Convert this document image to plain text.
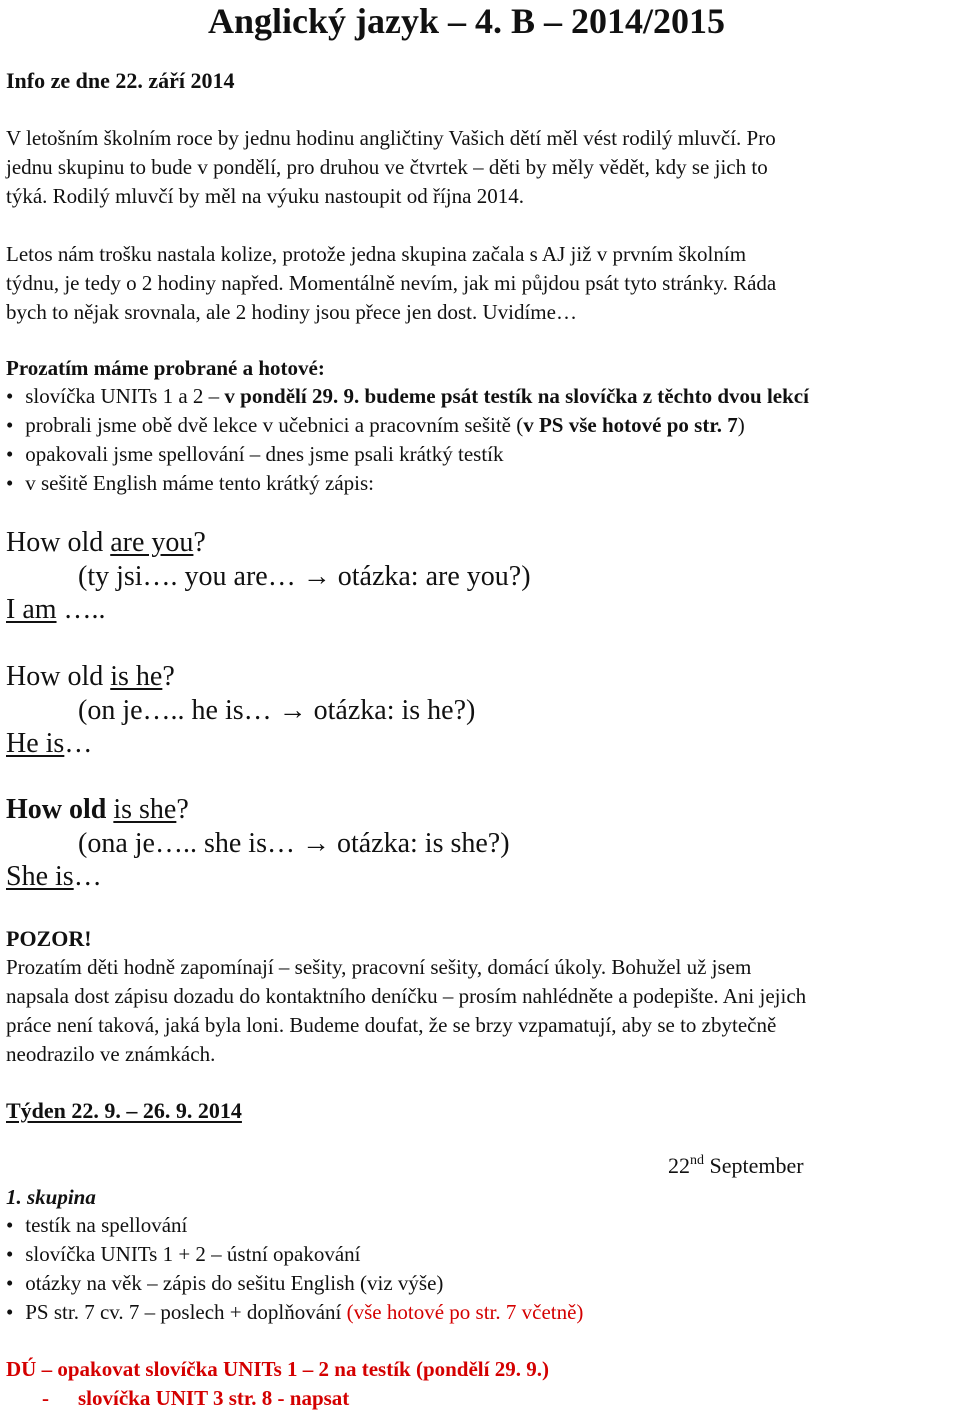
Anglický jazyk – 4. B – 2014/2015
Info ze dne 22. září 2014
V letošním školním roce by jednu hodinu angličtiny Vašich dětí měl vést rodilý mluvčí. Pro
jednu skupinu to bude v pondělí, pro druhou ve čtvrtek – děti by měly vědět, kdy se jich to
týká. Rodilý mluvčí by měl na výuku nastoupit od října 2014.
Letos nám trošku nastala kolize, protože jedna skupina začala s AJ již v prvním školním
týdnu, je tedy o 2 hodiny napřed. Momentálně nevím, jak mi půjdou psát tyto stránky. Ráda
bych to nějak srovnala, ale 2 hodiny jsou přece jen dost. Uvidíme…
Prozatím máme probrané a hotové:
• slovíčka UNITs 1 a 2 – v pondělí 29. 9. budeme psát testík na slovíčka z těchto dvou lekcí
• probrali jsme obě dvě lekce v učebnici a pracovním sešitě (v PS vše hotové po str. 7)
• opakovali jsme spellování – dnes jsme psali krátký testík
• v sešitě English máme tento krátký zápis:
How old are you?
(ty jsi…. you are… → otázka: are you?)
I am …..
How old is he?
(on je….. he is… → otázka: is he?)
He is…
How old is she?
(ona je….. she is… → otázka: is she?)
She is…
POZOR!
Prozatím děti hodně zapomínají – sešity, pracovní sešity, domácí úkoly. Bohužel už jsem
napsala dost zápisu dozadu do kontaktního deníčku – prosím nahlédněte a podepište. Ani jejich
práce není taková, jaká byla loni. Budeme doufat, že se brzy vzpamatují, aby se to zbytečně
neodrazilo ve známkách.
Týden 22. 9. – 26. 9. 2014
22nd September
1. skupina
• testík na spellování
• slovíčka UNITs 1 + 2 – ústní opakování
• otázky na věk – zápis do sešitu English (viz výše)
• PS str. 7 cv. 7 – poslech + doplňování (vše hotové po str. 7 včetně)
DÚ – opakovat slovíčka UNITs 1 – 2 na testík (pondělí 29. 9.)
- slovíčka UNIT 3 str. 8 - napsat
